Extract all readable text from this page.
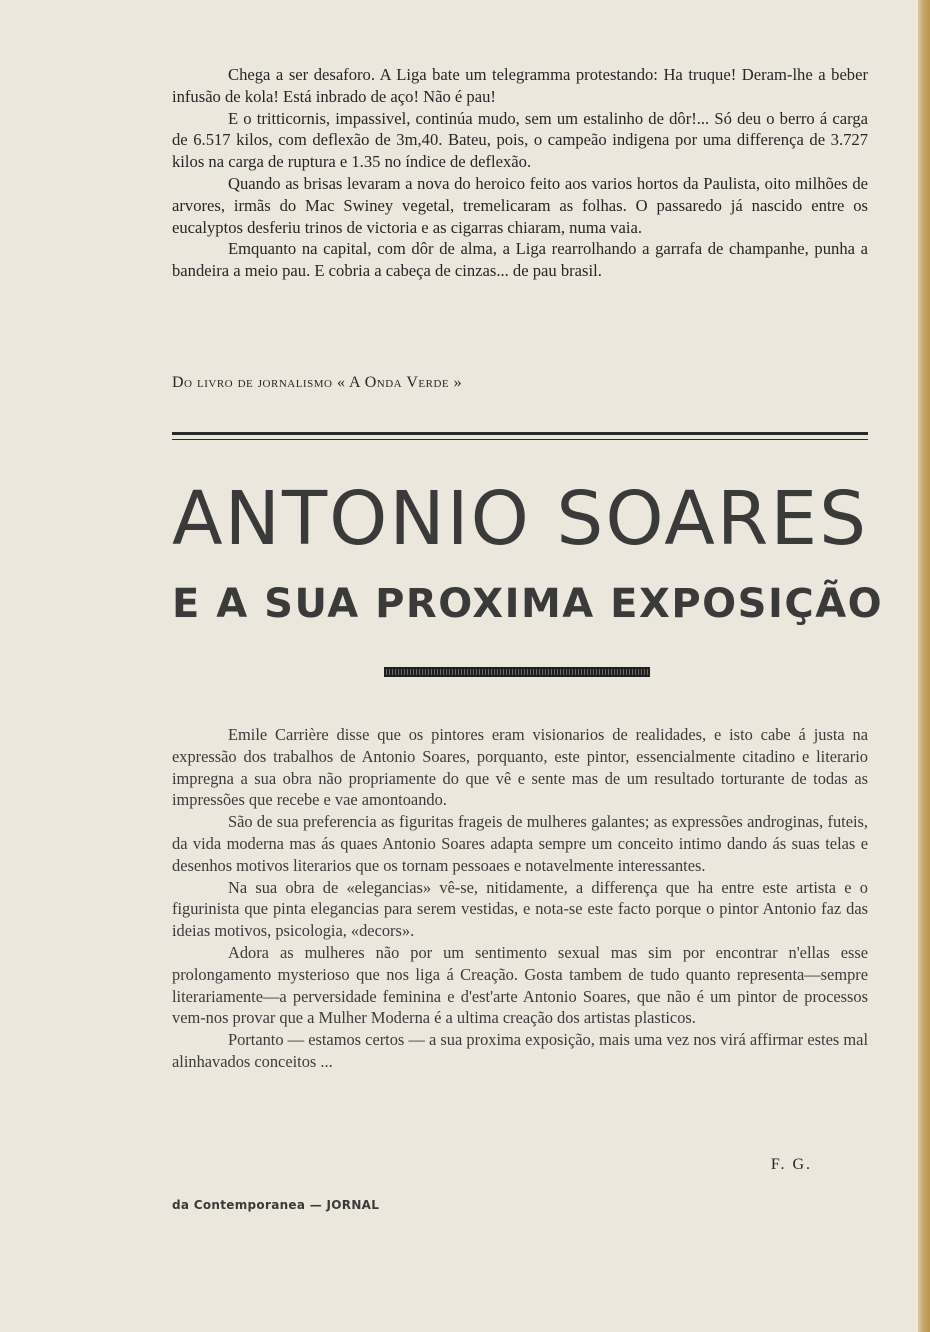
Chega a ser desaforo. A Liga bate um telegramma protestando: Ha truque! Deram-lhe a beber infusão de kola! Está inbrado de aço! Não é pau!

E o tritticornis, impassivel, continúa mudo, sem um estalinho de dôr!... Só deu o berro á carga de 6.517 kilos, com deflexão de 3m,40. Bateu, pois, o campeão indigena por uma differença de 3.727 kilos na carga de ruptura e 1.35 no índice de deflexão.

Quando as brisas levaram a nova do heroico feito aos varios hortos da Paulista, oito milhões de arvores, irmãs do Mac Swiney vegetal, tremelicaram as folhas. O passaredo já nascido entre os eucalyptos desferiu trinos de victoria e as cigarras chiaram, numa vaia.

Emquanto na capital, com dôr de alma, a Liga rearrolhando a garrafa de champanhe, punha a bandeira a meio pau. E cobria a cabeça de cinzas... de pau brasil.

Do livro de jornalismo « A Onda Verde »
ANTONIO SOARES
E A SUA PROXIMA EXPOSIÇÃO

Emile Carrière disse que os pintores eram visionarios de realidades, e isto cabe á justa na expressão dos trabalhos de Antonio Soares, porquanto, este pintor, essencialmente citadino e literario impregna a sua obra não propriamente do que vê e sente mas de um resultado torturante de todas as impressões que recebe e vae amontoando.

São de sua preferencia as figuritas frageis de mulheres galantes; as expressões androginas, futeis, da vida moderna mas ás quaes Antonio Soares adapta sempre um conceito intimo dando ás suas telas e desenhos motivos literarios que os tornam pessoaes e notavelmente interessantes.

Na sua obra de «elegancias» vê-se, nitidamente, a differença que ha entre este artista e o figurinista que pinta elegancias para serem vestidas, e nota-se este facto porque o pintor Antonio faz das ideias motivos, psicologia, «decors».

Adora as mulheres não por um sentimento sexual mas sim por encontrar n'ellas esse prolongamento mysterioso que nos liga á Creação. Gosta tambem de tudo quanto representa—sempre literariamente—a perversidade feminina e d'est'arte Antonio Soares, que não é um pintor de processos vem-nos provar que a Mulher Moderna é a ultima creação dos artistas plasticos.

Portanto — estamos certos — a sua proxima exposição, mais uma vez nos virá affirmar estes mal alinhavados conceitos ...

F. G.
da Contemporanea — JORNAL
